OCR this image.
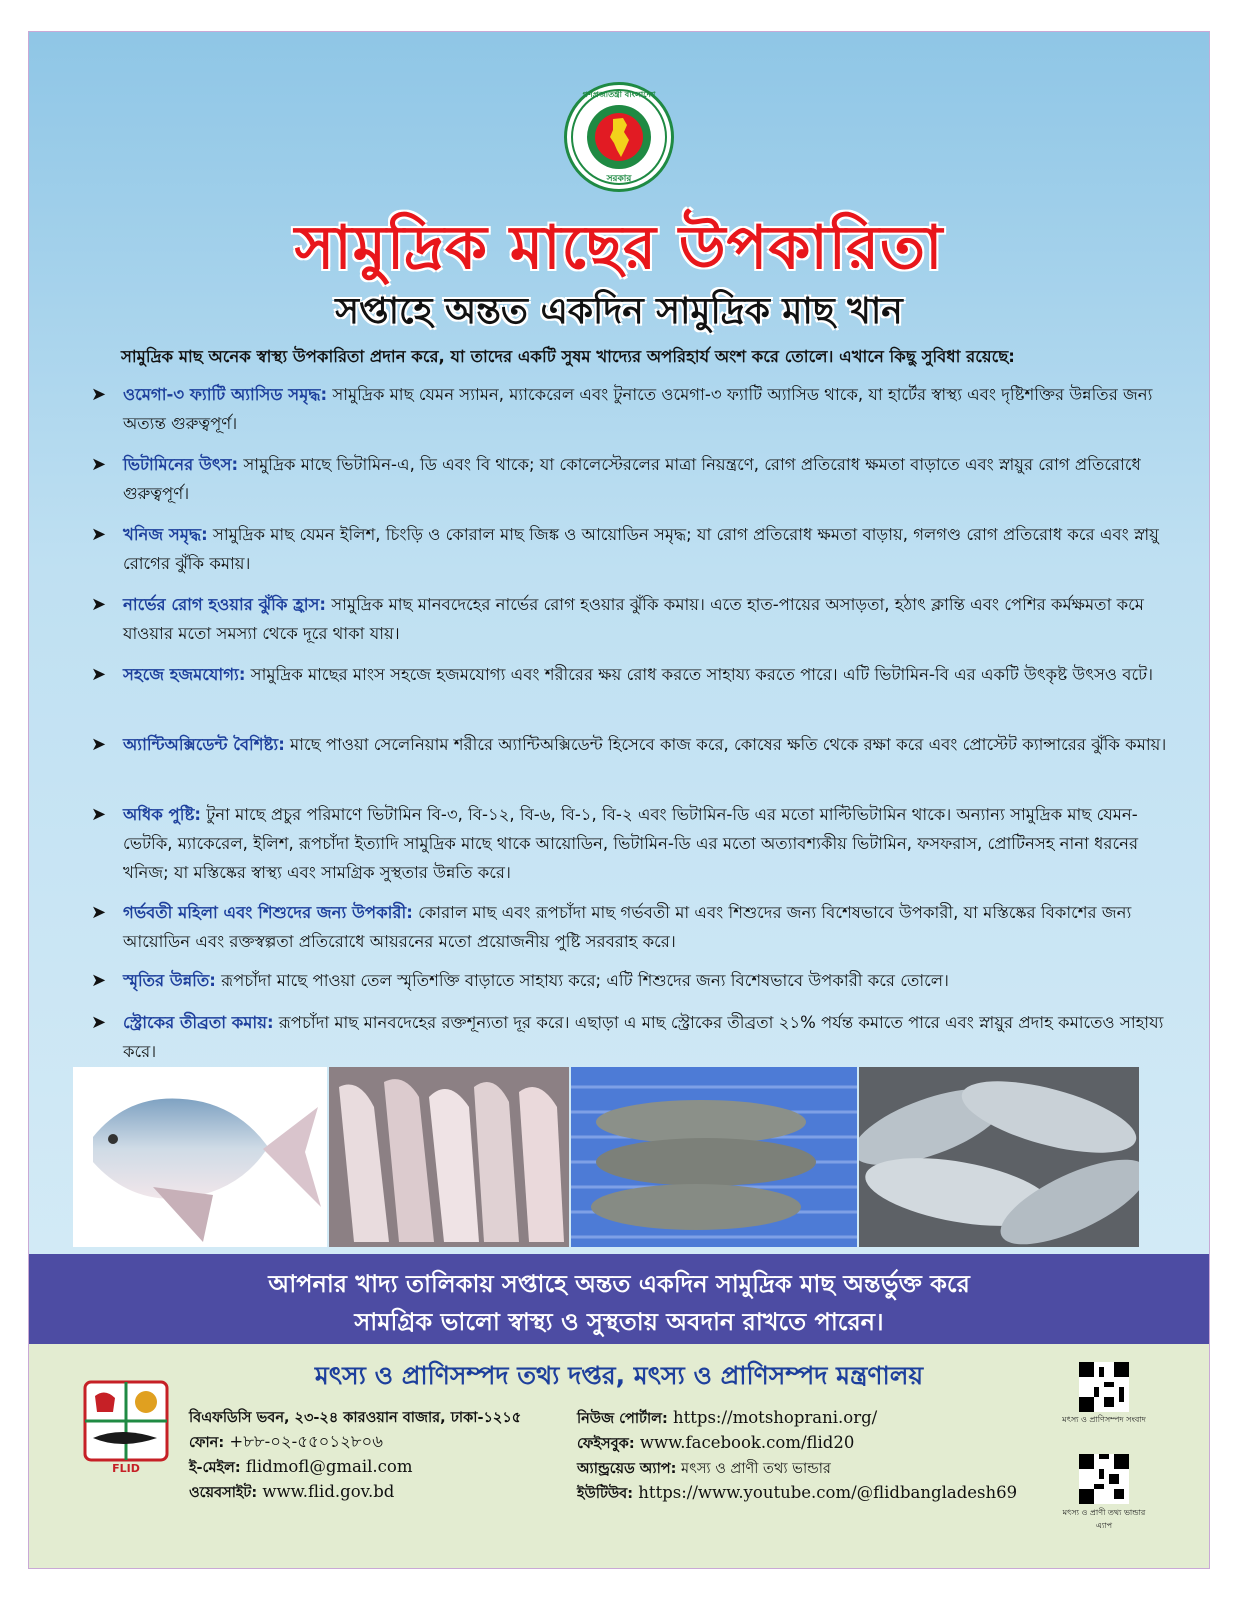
গণপ্রজাতন্ত্রী বাংলাদেশ
সরকার
সামুদ্রিক মাছের উপকারিতা
সপ্তাহে অন্তত একদিন সামুদ্রিক মাছ খান
সামুদ্রিক মাছ অনেক স্বাস্থ্য উপকারিতা প্রদান করে, যা তাদের একটি সুষম খাদ্যের অপরিহার্য অংশ করে তোলে। এখানে কিছু সুবিধা রয়েছে:
➤ ওমেগা-৩ ফ্যাটি অ্যাসিড সমৃদ্ধ: সামুদ্রিক মাছ যেমন স্যামন, ম্যাকেরেল এবং টুনাতে ওমেগা-৩ ফ্যাটি অ্যাসিড থাকে, যা হার্টের স্বাস্থ্য এবং দৃষ্টিশক্তির উন্নতির জন্য অত্যন্ত গুরুত্বপূর্ণ।
➤ ভিটামিনের উৎস: সামুদ্রিক মাছে ভিটামিন-এ, ডি এবং বি থাকে; যা কোলেস্টেরলের মাত্রা নিয়ন্ত্রণে, রোগ প্রতিরোধ ক্ষমতা বাড়াতে এবং স্নায়ুর রোগ প্রতিরোধে গুরুত্বপূর্ণ।
➤ খনিজ সমৃদ্ধ: সামুদ্রিক মাছ যেমন ইলিশ, চিংড়ি ও কোরাল মাছ জিঙ্ক ও আয়োডিন সমৃদ্ধ; যা রোগ প্রতিরোধ ক্ষমতা বাড়ায়, গলগণ্ড রোগ প্রতিরোধ করে এবং স্নায়ু রোগের ঝুঁকি কমায়।
➤ নার্ভের রোগ হওয়ার ঝুঁকি হ্রাস: সামুদ্রিক মাছ মানবদেহের নার্ভের রোগ হওয়ার ঝুঁকি কমায়। এতে হাত-পায়ের অসাড়তা, হঠাৎ ক্লান্তি এবং পেশির কর্মক্ষমতা কমে যাওয়ার মতো সমস্যা থেকে দূরে থাকা যায়।
➤ সহজে হজমযোগ্য: সামুদ্রিক মাছের মাংস সহজে হজমযোগ্য এবং শরীরের ক্ষয় রোধ করতে সাহায্য করতে পারে। এটি ভিটামিন-বি এর একটি উৎকৃষ্ট উৎসও বটে।
➤ অ্যান্টিঅক্সিডেন্ট বৈশিষ্ট্য: মাছে পাওয়া সেলেনিয়াম শরীরে অ্যান্টিঅক্সিডেন্ট হিসেবে কাজ করে, কোষের ক্ষতি থেকে রক্ষা করে এবং প্রোস্টেট ক্যান্সারের ঝুঁকি কমায়।
➤ অধিক পুষ্টি: টুনা মাছে প্রচুর পরিমাণে ভিটামিন বি-৩, বি-১২, বি-৬, বি-১, বি-২ এবং ভিটামিন-ডি এর মতো মাল্টিভিটামিন থাকে। অন্যান্য সামুদ্রিক মাছ যেমন- ভেটকি, ম্যাকেরেল, ইলিশ, রূপচাঁদা ইত্যাদি সামুদ্রিক মাছে থাকে আয়োডিন, ভিটামিন-ডি এর মতো অত্যাবশ্যকীয় ভিটামিন, ফসফরাস, প্রোটিনসহ নানা ধরনের খনিজ; যা মস্তিষ্কের স্বাস্থ্য এবং সামগ্রিক সুস্থতার উন্নতি করে।
➤ গর্ভবতী মহিলা এবং শিশুদের জন্য উপকারী: কোরাল মাছ এবং রূপচাঁদা মাছ গর্ভবতী মা এবং শিশুদের জন্য বিশেষভাবে উপকারী, যা মস্তিষ্কের বিকাশের জন্য আয়োডিন এবং রক্তস্বল্পতা প্রতিরোধে আয়রনের মতো প্রয়োজনীয় পুষ্টি সরবরাহ করে।
➤ স্মৃতির উন্নতি: রূপচাঁদা মাছে পাওয়া তেল স্মৃতিশক্তি বাড়াতে সাহায্য করে; এটি শিশুদের জন্য বিশেষভাবে উপকারী করে তোলে।
➤ স্ট্রোকের তীব্রতা কমায়: রূপচাঁদা মাছ মানবদেহের রক্তশূন্যতা দূর করে। এছাড়া এ মাছ স্ট্রোকের তীব্রতা ২১% পর্যন্ত কমাতে পারে এবং স্নায়ুর প্রদাহ কমাতেও সাহায্য করে।
আপনার খাদ্য তালিকায় সপ্তাহে অন্তত একদিন সামুদ্রিক মাছ অন্তর্ভুক্ত করে
সামগ্রিক ভালো স্বাস্থ্য ও সুস্থতায় অবদান রাখতে পারেন।
মৎস্য ও প্রাণিসম্পদ তথ্য দপ্তর, মৎস্য ও প্রাণিসম্পদ মন্ত্রণালয়
FLID
বিএফডিসি ভবন, ২৩-২৪ কারওয়ান বাজার, ঢাকা-১২১৫
ফোন: +৮৮-০২-৫৫০১২৮০৬
ই-মেইল: flidmofl@gmail.com
ওয়েবসাইট: www.flid.gov.bd
নিউজ পোর্টাল: https://motshoprani.org/
ফেইসবুক: www.facebook.com/flid20
অ্যান্ড্রয়েড অ্যাপ: মৎস্য ও প্রাণী তথ্য ভান্ডার
ইউটিউব: https://www.youtube.com/@flidbangladesh69
মৎস্য ও প্রাণিসম্পদ সংবাদ
মৎস্য ও প্রাণী তথ্য ভান্ডার এ্যাপ
